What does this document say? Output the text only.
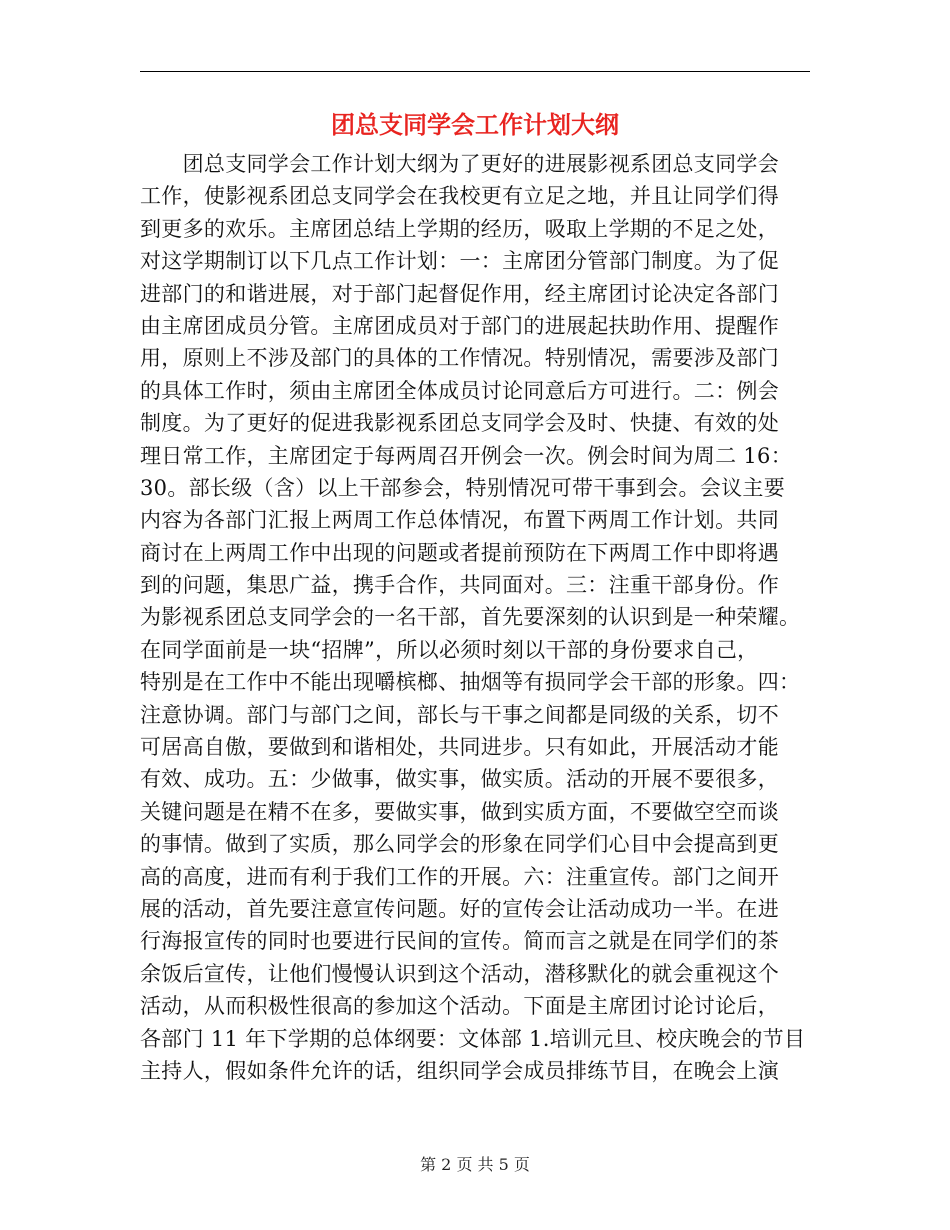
团总支同学会工作计划大纲
　　团总支同学会工作计划大纲为了更好的进展影视系团总支同学会
工作，使影视系团总支同学会在我校更有立足之地，并且让同学们得
到更多的欢乐。主席团总结上学期的经历，吸取上学期的不足之处，
对这学期制订以下几点工作计划：一：主席团分管部门制度。为了促
进部门的和谐进展，对于部门起督促作用，经主席团讨论决定各部门
由主席团成员分管。主席团成员对于部门的进展起扶助作用、提醒作
用，原则上不涉及部门的具体的工作情况。特别情况，需要涉及部门
的具体工作时，须由主席团全体成员讨论同意后方可进行。二：例会
制度。为了更好的促进我影视系团总支同学会及时、快捷、有效的处
理日常工作，主席团定于每两周召开例会一次。例会时间为周二 16：
30。部长级（含）以上干部参会，特别情况可带干事到会。会议主要
内容为各部门汇报上两周工作总体情况，布置下两周工作计划。共同
商讨在上两周工作中出现的问题或者提前预防在下两周工作中即将遇
到的问题，集思广益，携手合作，共同面对。三：注重干部身份。作
为影视系团总支同学会的一名干部，首先要深刻的认识到是一种荣耀。
在同学面前是一块“招牌”，所以必须时刻以干部的身份要求自己，
特别是在工作中不能出现嚼槟榔、抽烟等有损同学会干部的形象。四：
注意协调。部门与部门之间，部长与干事之间都是同级的关系，切不
可居高自傲，要做到和谐相处，共同进步。只有如此，开展活动才能
有效、成功。五：少做事，做实事，做实质。活动的开展不要很多，
关键问题是在精不在多，要做实事，做到实质方面，不要做空空而谈
的事情。做到了实质，那么同学会的形象在同学们心目中会提高到更
高的高度，进而有利于我们工作的开展。六：注重宣传。部门之间开
展的活动，首先要注意宣传问题。好的宣传会让活动成功一半。在进
行海报宣传的同时也要进行民间的宣传。简而言之就是在同学们的茶
余饭后宣传，让他们慢慢认识到这个活动，潜移默化的就会重视这个
活动，从而积极性很高的参加这个活动。下面是主席团讨论讨论后，
各部门 11 年下学期的总体纲要：文体部 1.培训元旦、校庆晚会的节目
主持人，假如条件允许的话，组织同学会成员排练节目，在晚会上演
第 2 页 共 5 页
